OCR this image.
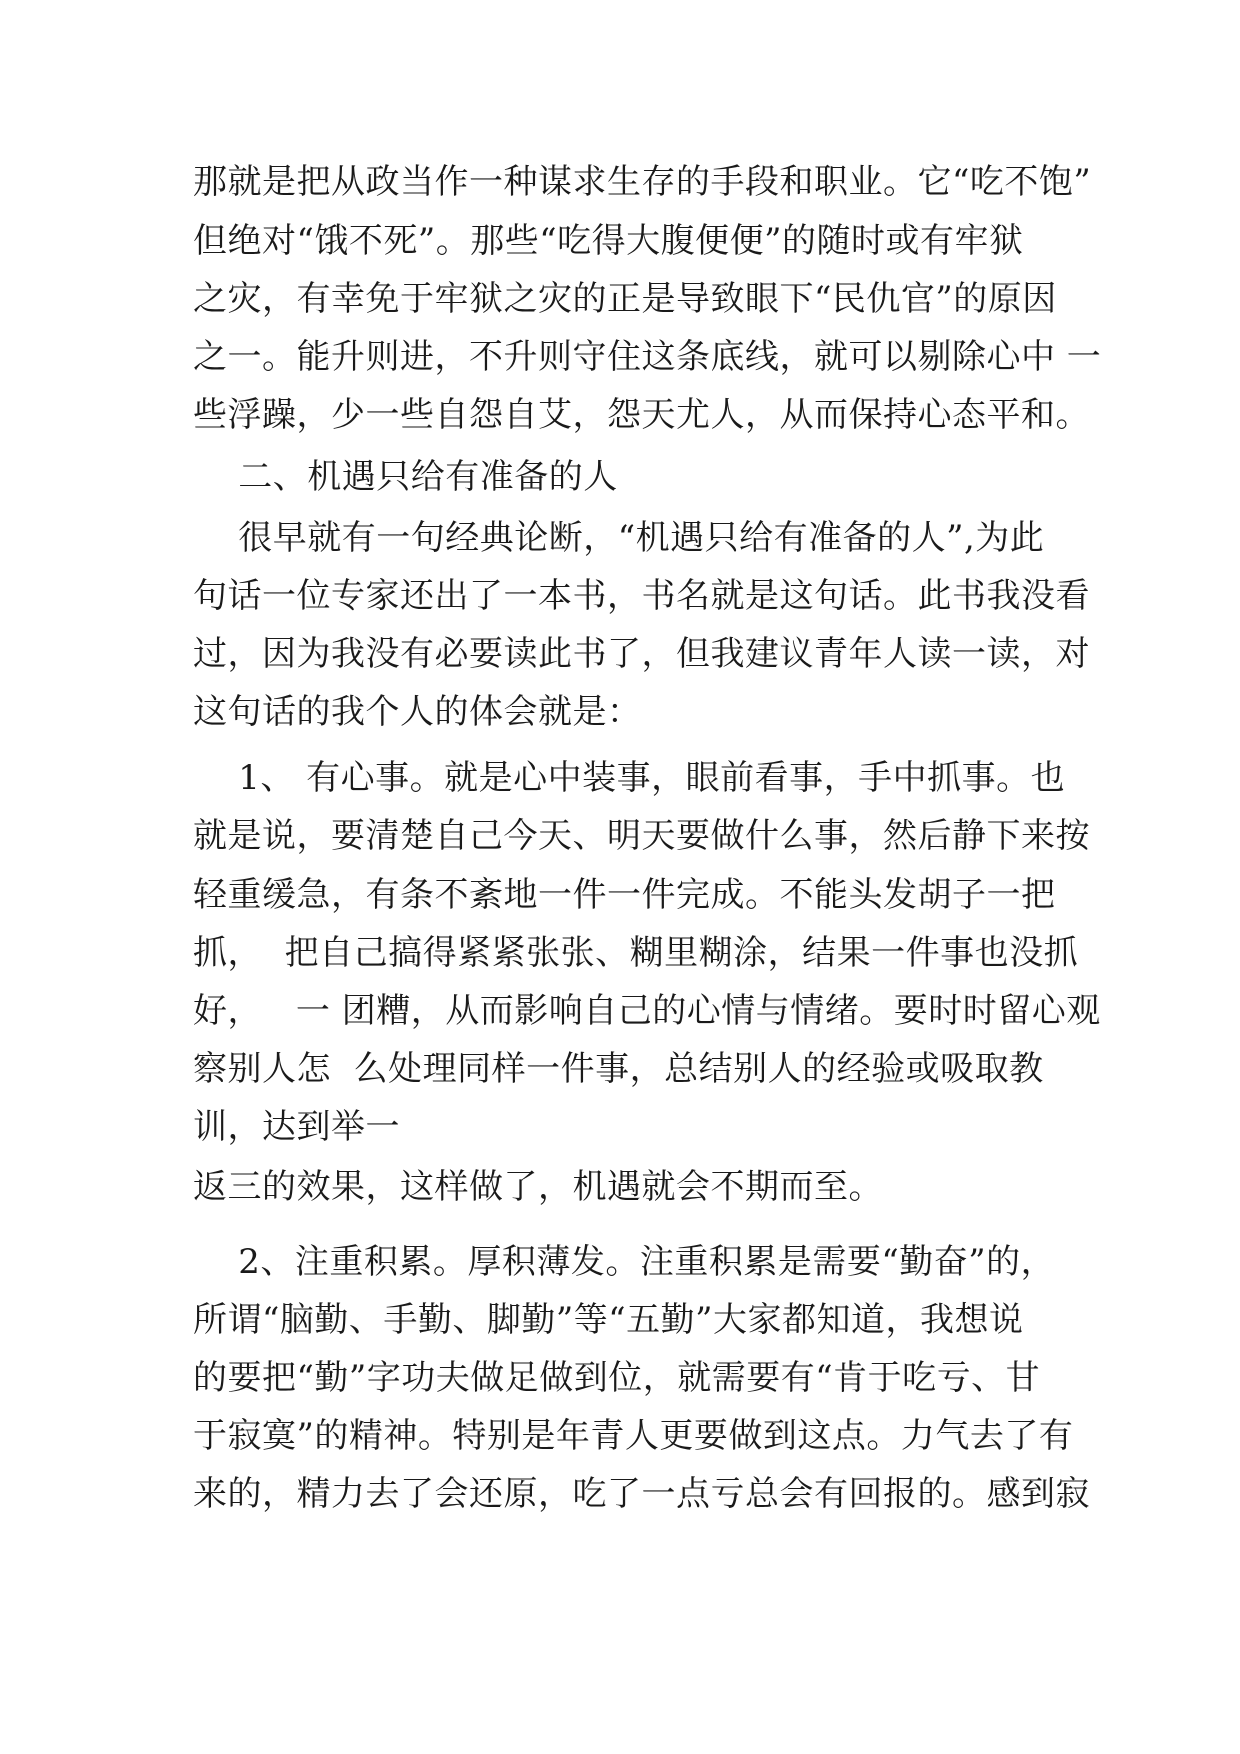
那就是把从政当作一种谋求生存的手段和职业。它“吃不饱”
但绝对“饿不死”。那些“吃得大腹便便”的随时或有牢狱
之灾，有幸免于牢狱之灾的正是导致眼下“民仇官”的原因
之一。能升则进，不升则守住这条底线，就可以剔除心中 一
些浮躁，少一些自怨自艾，怨天尤人，从而保持心态平和。
二、机遇只给有准备的人
很早就有一句经典论断，“机遇只给有准备的人”,为此
句话一位专家还出了一本书，书名就是这句话。此书我没看
过，因为我没有必要读此书了，但我建议青年人读一读，对
这句话的我个人的体会就是：
1、 有心事。就是心中装事，眼前看事，手中抓事。也
就是说，要清楚自己今天、明天要做什么事，然后静下来按
轻重缓急，有条不紊地一件一件完成。不能头发胡子一把
抓，  把自己搞得紧紧张张、糊里糊涂，结果一件事也没抓
好，   一 团糟，从而影响自己的心情与情绪。要时时留心观
察别人怎  么处理同样一件事，总结别人的经验或吸取教
训，达到举一
返三的效果，这样做了，机遇就会不期而至。
2、注重积累。厚积薄发。注重积累是需要“勤奋”的，
所谓“脑勤、手勤、脚勤”等“五勤”大家都知道，我想说
的要把“勤”字功夫做足做到位，就需要有“肯于吃亏、甘
于寂寞”的精神。特别是年青人更要做到这点。力气去了有
来的，精力去了会还原，吃了一点亏总会有回报的。感到寂
